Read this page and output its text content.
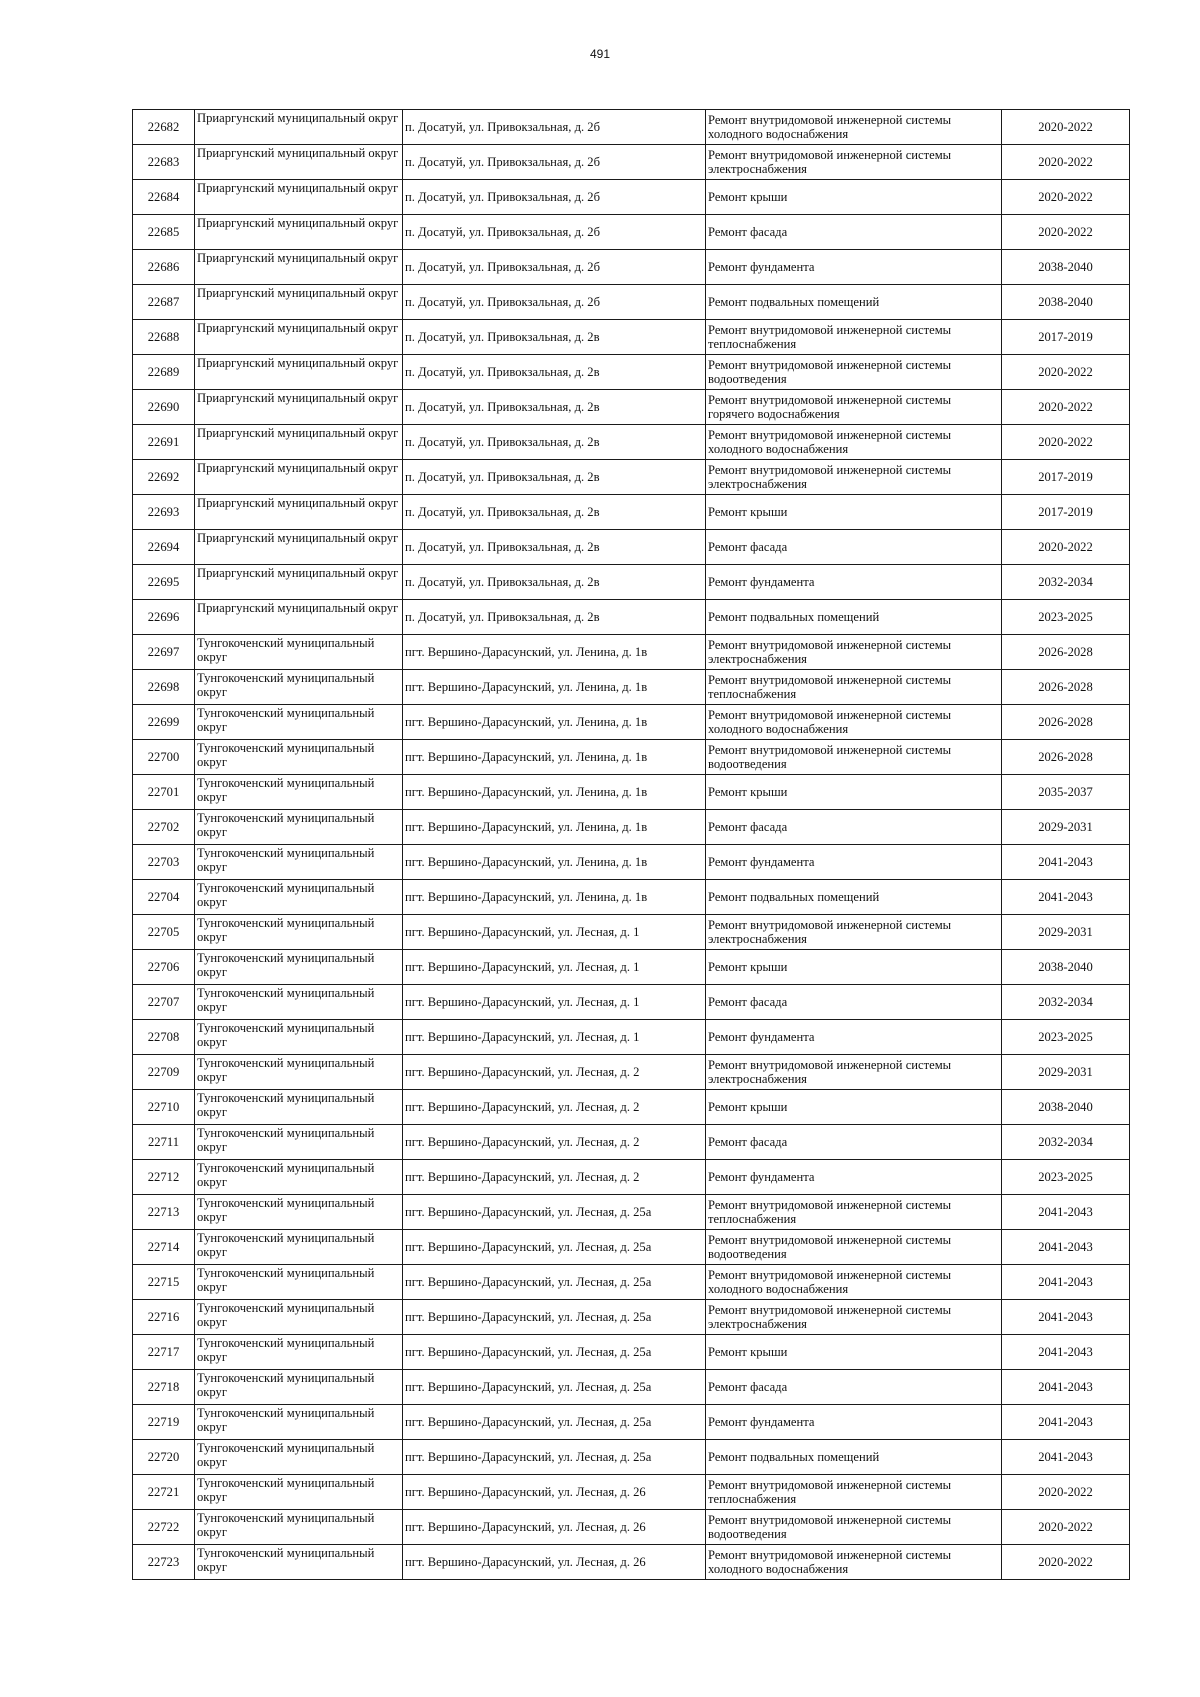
491
22682	Приаргунский муниципальный округ	п. Досатуй, ул. Привокзальная, д. 2б	Ремонт внутридомовой инженерной системы холодного водоснабжения	2020-2022
22683	Приаргунский муниципальный округ	п. Досатуй, ул. Привокзальная, д. 2б	Ремонт внутридомовой инженерной системы электроснабжения	2020-2022
22684	Приаргунский муниципальный округ	п. Досатуй, ул. Привокзальная, д. 2б	Ремонт крыши	2020-2022
22685	Приаргунский муниципальный округ	п. Досатуй, ул. Привокзальная, д. 2б	Ремонт фасада	2020-2022
22686	Приаргунский муниципальный округ	п. Досатуй, ул. Привокзальная, д. 2б	Ремонт фундамента	2038-2040
22687	Приаргунский муниципальный округ	п. Досатуй, ул. Привокзальная, д. 2б	Ремонт подвальных помещений	2038-2040
22688	Приаргунский муниципальный округ	п. Досатуй, ул. Привокзальная, д. 2в	Ремонт внутридомовой инженерной системы теплоснабжения	2017-2019
22689	Приаргунский муниципальный округ	п. Досатуй, ул. Привокзальная, д. 2в	Ремонт внутридомовой инженерной системы водоотведения	2020-2022
22690	Приаргунский муниципальный округ	п. Досатуй, ул. Привокзальная, д. 2в	Ремонт внутридомовой инженерной системы горячего водоснабжения	2020-2022
22691	Приаргунский муниципальный округ	п. Досатуй, ул. Привокзальная, д. 2в	Ремонт внутридомовой инженерной системы холодного водоснабжения	2020-2022
22692	Приаргунский муниципальный округ	п. Досатуй, ул. Привокзальная, д. 2в	Ремонт внутридомовой инженерной системы электроснабжения	2017-2019
22693	Приаргунский муниципальный округ	п. Досатуй, ул. Привокзальная, д. 2в	Ремонт крыши	2017-2019
22694	Приаргунский муниципальный округ	п. Досатуй, ул. Привокзальная, д. 2в	Ремонт фасада	2020-2022
22695	Приаргунский муниципальный округ	п. Досатуй, ул. Привокзальная, д. 2в	Ремонт фундамента	2032-2034
22696	Приаргунский муниципальный округ	п. Досатуй, ул. Привокзальная, д. 2в	Ремонт подвальных помещений	2023-2025
22697	Тунгокоченский муниципальный округ	пгт. Вершино-Дарасунский, ул. Ленина, д. 1в	Ремонт внутридомовой инженерной системы электроснабжения	2026-2028
22698	Тунгокоченский муниципальный округ	пгт. Вершино-Дарасунский, ул. Ленина, д. 1в	Ремонт внутридомовой инженерной системы теплоснабжения	2026-2028
22699	Тунгокоченский муниципальный округ	пгт. Вершино-Дарасунский, ул. Ленина, д. 1в	Ремонт внутридомовой инженерной системы холодного водоснабжения	2026-2028
22700	Тунгокоченский муниципальный округ	пгт. Вершино-Дарасунский, ул. Ленина, д. 1в	Ремонт внутридомовой инженерной системы водоотведения	2026-2028
22701	Тунгокоченский муниципальный округ	пгт. Вершино-Дарасунский, ул. Ленина, д. 1в	Ремонт крыши	2035-2037
22702	Тунгокоченский муниципальный округ	пгт. Вершино-Дарасунский, ул. Ленина, д. 1в	Ремонт фасада	2029-2031
22703	Тунгокоченский муниципальный округ	пгт. Вершино-Дарасунский, ул. Ленина, д. 1в	Ремонт фундамента	2041-2043
22704	Тунгокоченский муниципальный округ	пгт. Вершино-Дарасунский, ул. Ленина, д. 1в	Ремонт подвальных помещений	2041-2043
22705	Тунгокоченский муниципальный округ	пгт. Вершино-Дарасунский, ул. Лесная, д. 1	Ремонт внутридомовой инженерной системы электроснабжения	2029-2031
22706	Тунгокоченский муниципальный округ	пгт. Вершино-Дарасунский, ул. Лесная, д. 1	Ремонт крыши	2038-2040
22707	Тунгокоченский муниципальный округ	пгт. Вершино-Дарасунский, ул. Лесная, д. 1	Ремонт фасада	2032-2034
22708	Тунгокоченский муниципальный округ	пгт. Вершино-Дарасунский, ул. Лесная, д. 1	Ремонт фундамента	2023-2025
22709	Тунгокоченский муниципальный округ	пгт. Вершино-Дарасунский, ул. Лесная, д. 2	Ремонт внутридомовой инженерной системы электроснабжения	2029-2031
22710	Тунгокоченский муниципальный округ	пгт. Вершино-Дарасунский, ул. Лесная, д. 2	Ремонт крыши	2038-2040
22711	Тунгокоченский муниципальный округ	пгт. Вершино-Дарасунский, ул. Лесная, д. 2	Ремонт фасада	2032-2034
22712	Тунгокоченский муниципальный округ	пгт. Вершино-Дарасунский, ул. Лесная, д. 2	Ремонт фундамента	2023-2025
22713	Тунгокоченский муниципальный округ	пгт. Вершино-Дарасунский, ул. Лесная, д. 25а	Ремонт внутридомовой инженерной системы теплоснабжения	2041-2043
22714	Тунгокоченский муниципальный округ	пгт. Вершино-Дарасунский, ул. Лесная, д. 25а	Ремонт внутридомовой инженерной системы водоотведения	2041-2043
22715	Тунгокоченский муниципальный округ	пгт. Вершино-Дарасунский, ул. Лесная, д. 25а	Ремонт внутридомовой инженерной системы холодного водоснабжения	2041-2043
22716	Тунгокоченский муниципальный округ	пгт. Вершино-Дарасунский, ул. Лесная, д. 25а	Ремонт внутридомовой инженерной системы электроснабжения	2041-2043
22717	Тунгокоченский муниципальный округ	пгт. Вершино-Дарасунский, ул. Лесная, д. 25а	Ремонт крыши	2041-2043
22718	Тунгокоченский муниципальный округ	пгт. Вершино-Дарасунский, ул. Лесная, д. 25а	Ремонт фасада	2041-2043
22719	Тунгокоченский муниципальный округ	пгт. Вершино-Дарасунский, ул. Лесная, д. 25а	Ремонт фундамента	2041-2043
22720	Тунгокоченский муниципальный округ	пгт. Вершино-Дарасунский, ул. Лесная, д. 25а	Ремонт подвальных помещений	2041-2043
22721	Тунгокоченский муниципальный округ	пгт. Вершино-Дарасунский, ул. Лесная, д. 26	Ремонт внутридомовой инженерной системы теплоснабжения	2020-2022
22722	Тунгокоченский муниципальный округ	пгт. Вершино-Дарасунский, ул. Лесная, д. 26	Ремонт внутридомовой инженерной системы водоотведения	2020-2022
22723	Тунгокоченский муниципальный округ	пгт. Вершино-Дарасунский, ул. Лесная, д. 26	Ремонт внутридомовой инженерной системы холодного водоснабжения	2020-2022
